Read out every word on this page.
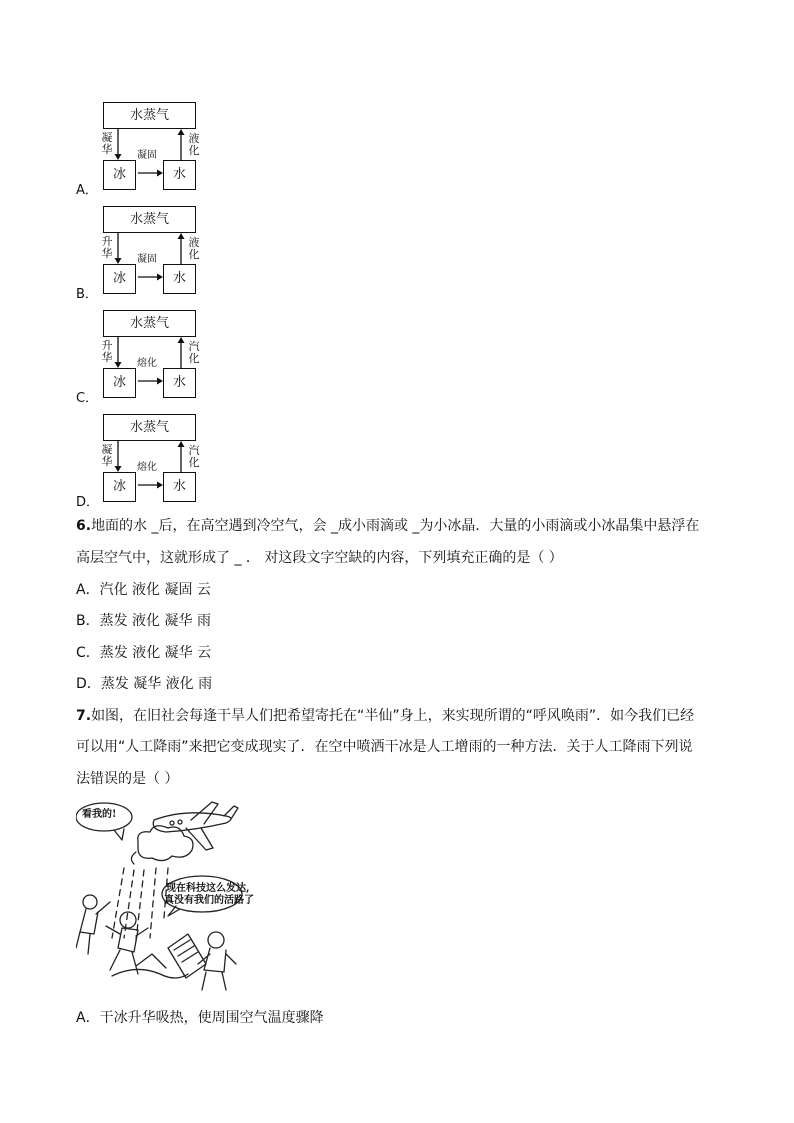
水蒸气
冰	水
凝华 凝固
液化
A．
水蒸气
冰	水
升华 凝固
液化
B．
水蒸气
冰	水
升华 熔化
汽化
C．
水蒸气
冰	水
凝华 熔化
汽化
D．
6.地面的水 _后，在高空遇到冷空气，会 _成小雨滴或 _为小冰晶．大量的小雨滴或小冰晶集中悬浮在
高层空气中，这就形成了 _ ． 对这段文字空缺的内容，下列填充正确的是（ ）
A．汽化 液化 凝固 云
B．蒸发 液化 凝华 雨
C．蒸发 液化 凝华 云
D．蒸发 凝华 液化 雨
7.如图，在旧社会每逢干旱人们把希望寄托在“半仙”身上，来实现所谓的“呼风唤雨”．如今我们已经
可以用“人工降雨”来把它变成现实了．在空中喷洒干冰是人工增雨的一种方法．关于人工降雨下列说
法错误的是（ ）
看我的!
现在科技这么发达,
真没有我们的活路了
A．干冰升华吸热，使周围空气温度骤降
